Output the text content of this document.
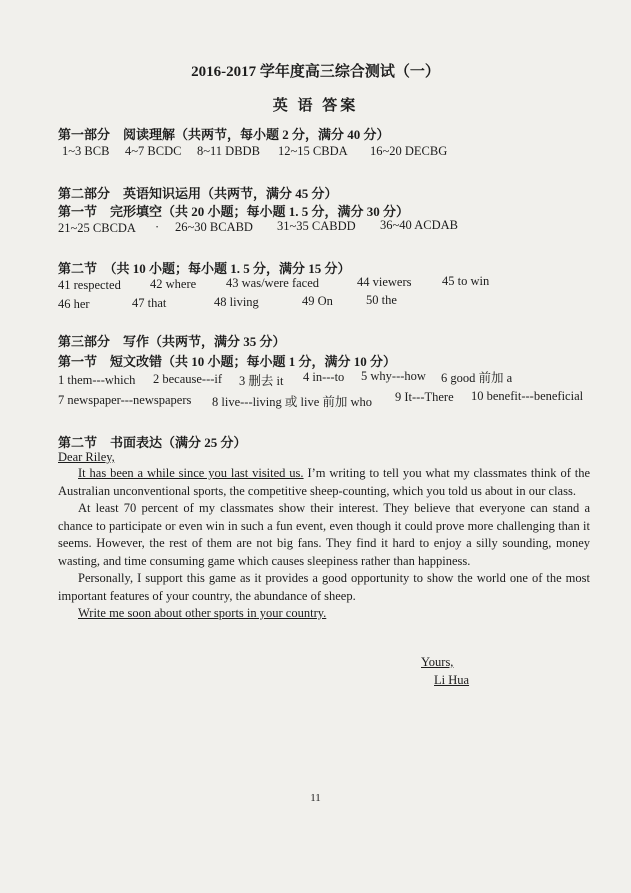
2016-2017 学年度高三综合测试（一）
英 语 答案
第一部分　阅读理解（共两节，每小题 2 分，满分 40 分）
1~3 BCB 4~7 BCDC 8~11 DBDB 12~15 CBDA 16~20 DECBG
第二部分　英语知识运用（共两节，满分 45 分）
第一节　完形填空（共 20 小题；每小题 1. 5 分，满分 30 分）
21~25 CBCDA · 26~30 BCABD 31~35 CABDD 36~40 ACDAB
第二节　（共 10 小题；每小题 1. 5 分，满分 15 分）
41 respected 42 where 43 was/were faced	44 viewers 45 to win
46 her	47 that	48 living	49 On	50 the
第三部分　写作（共两节，满分 35 分）
第一节　短文改错（共 10 小题；每小题 1 分，满分 10 分）
1 them---which 2 because---if 3 删去 it 4 in---to 5 why---how 6 good 前加 a
7 newspaper---newspapers 8 live---living 或 live 前加 who 9 It---There 10 benefit---beneficial
第二节　书面表达（满分 25 分）
Dear Riley,

It has been a while since you last visited us. I’m writing to tell you what my classmates think of the Australian unconventional sports, the competitive sheep-counting, which you told us about in our class.

At least 70 percent of my classmates show their interest. They believe that everyone can stand a chance to participate or even win in such a fun event, even though it could prove more challenging than it seems. However, the rest of them are not big fans. They find it hard to enjoy a silly sounding, money wasting, and time consuming game which causes sleepiness rather than happiness.

Personally, I support this game as it provides a good opportunity to show the world one of the most important features of your country, the abundance of sheep.

Write me soon about other sports in your country.

Yours,
Li Hua
11
